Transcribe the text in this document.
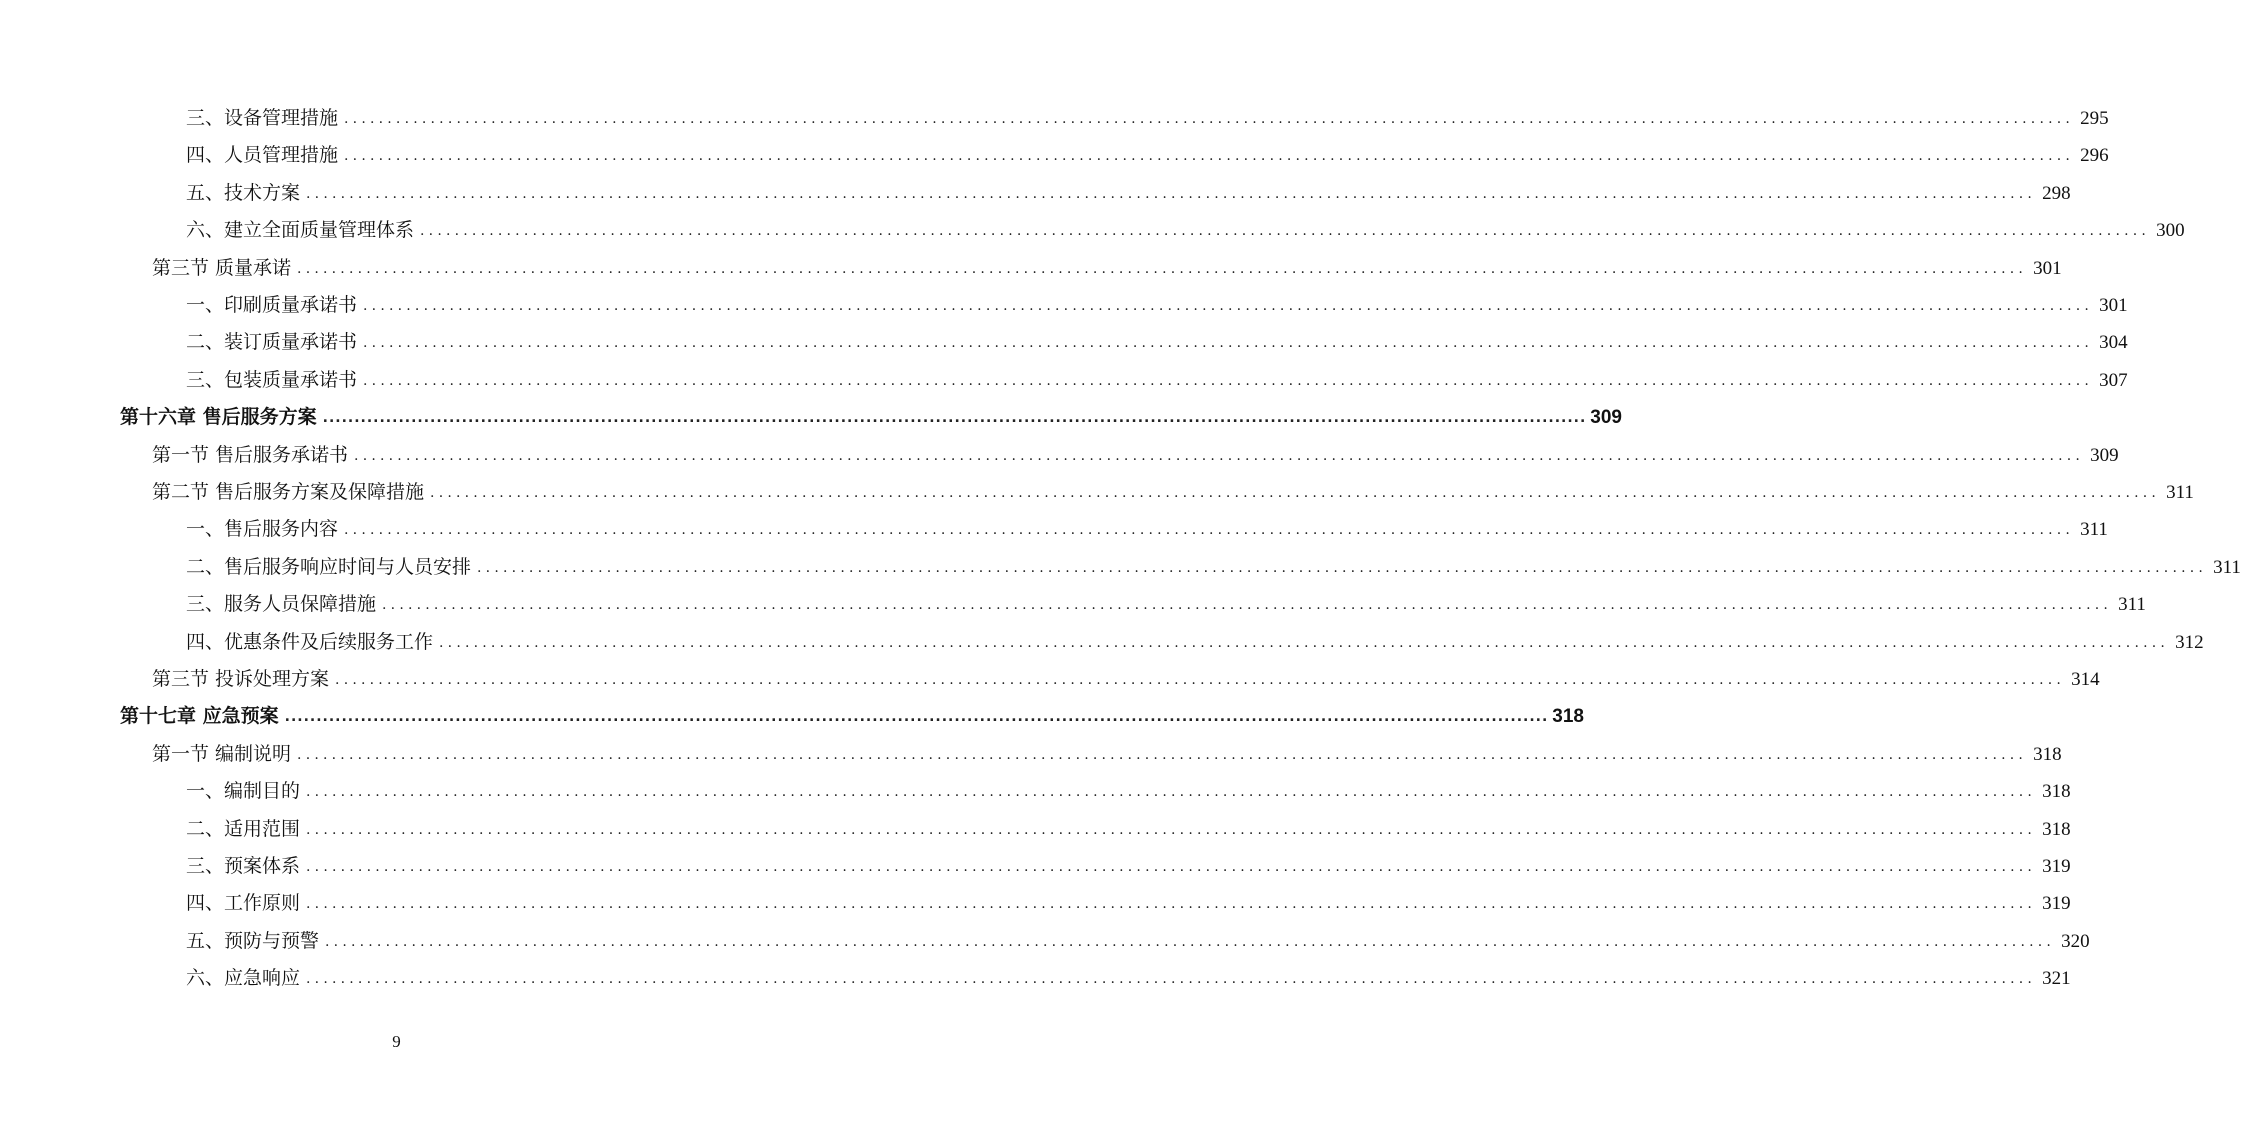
三、设备管理措施 ........................................................................................................................................................................................................ 295
四、人员管理措施 ........................................................................................................................................................................................................ 296
五、技术方案 ........................................................................................................................................................................................................ 298
六、建立全面质量管理体系 ........................................................................................................................................................................................................ 300
第三节 质量承诺 ........................................................................................................................................................................................................ 301
一、印刷质量承诺书 ........................................................................................................................................................................................................ 301
二、装订质量承诺书 ........................................................................................................................................................................................................ 304
三、包装质量承诺书 ........................................................................................................................................................................................................ 307
第十六章 售后服务方案 ........................................................................................................................................................................................................ 309
第一节 售后服务承诺书 ........................................................................................................................................................................................................ 309
第二节 售后服务方案及保障措施 ........................................................................................................................................................................................................ 311
一、售后服务内容 ........................................................................................................................................................................................................ 311
二、售后服务响应时间与人员安排 ........................................................................................................................................................................................................ 311
三、服务人员保障措施 ........................................................................................................................................................................................................ 311
四、优惠条件及后续服务工作 ........................................................................................................................................................................................................ 312
第三节 投诉处理方案 ........................................................................................................................................................................................................ 314
第十七章 应急预案 ........................................................................................................................................................................................................ 318
第一节 编制说明 ........................................................................................................................................................................................................ 318
一、编制目的 ........................................................................................................................................................................................................ 318
二、适用范围 ........................................................................................................................................................................................................ 318
三、预案体系 ........................................................................................................................................................................................................ 319
四、工作原则 ........................................................................................................................................................................................................ 319
五、预防与预警 ........................................................................................................................................................................................................ 320
六、应急响应 ........................................................................................................................................................................................................ 321
9
